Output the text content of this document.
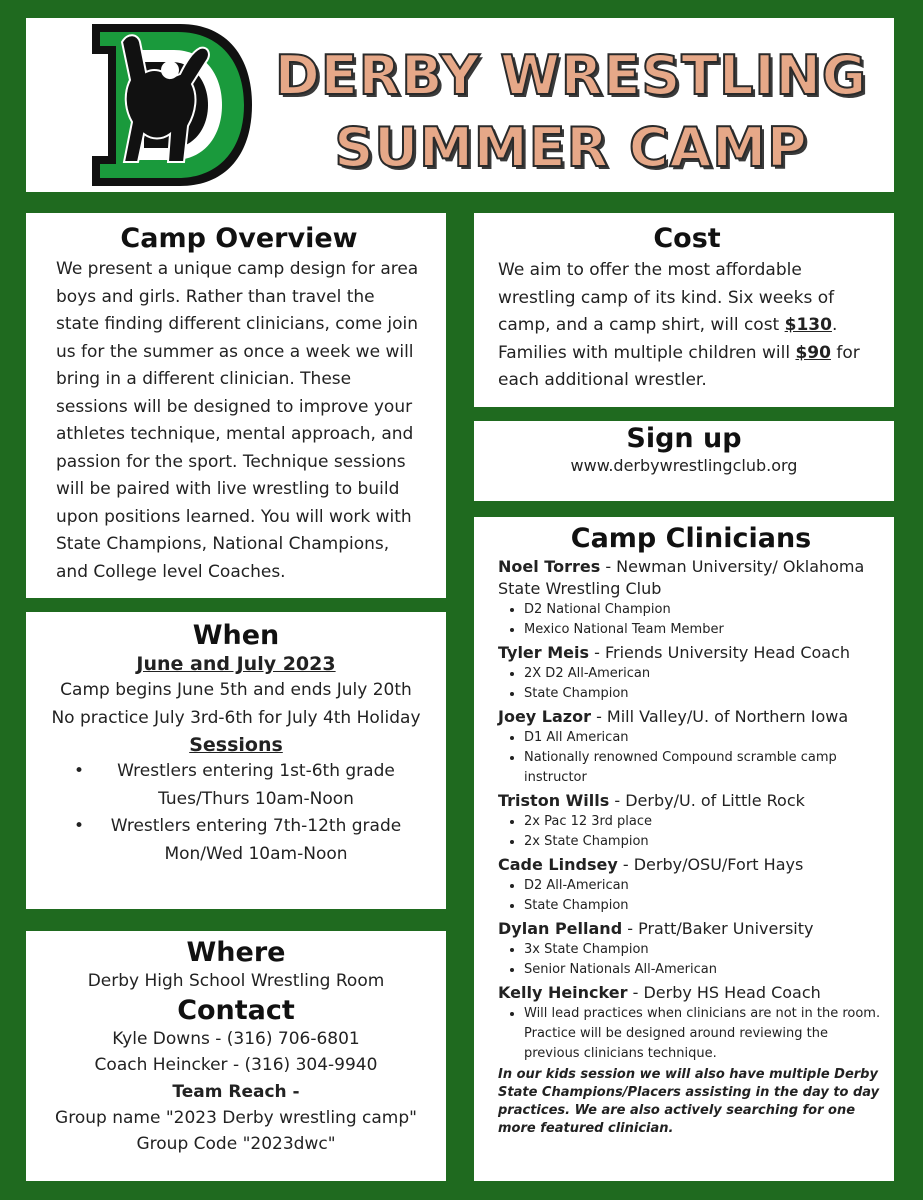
DERBY WRESTLING
SUMMER CAMP
Camp Overview
We present a unique camp design for area boys and girls. Rather than travel the state finding different clinicians, come join us for the summer as once a week we will bring in a different clinician. These sessions will be designed to improve your athletes technique, mental approach, and passion for the sport. Technique sessions will be paired with live wrestling to build upon positions learned. You will work with State Champions, National Champions, and College level Coaches.
Cost
We aim to offer the most affordable wrestling camp of its kind. Six weeks of camp, and a camp shirt, will cost $130. Families with multiple children will $90 for each additional wrestler.
Sign up
www.derbywrestlingclub.org
When
June and July 2023
Camp begins June 5th and ends July 20th
No practice July 3rd-6th for July 4th Holiday
Sessions
•	Wrestlers entering 1st-6th grade
Tues/Thurs 10am-Noon
•	Wrestlers entering 7th-12th grade
Mon/Wed 10am-Noon
Where
Derby High School Wrestling Room
Contact
Kyle Downs - (316) 706-6801
Coach Heincker - (316) 304-9940
Team Reach -
Group name "2023 Derby wrestling camp"
Group Code "2023dwc"
Camp Clinicians
Noel Torres - Newman University/ Oklahoma State Wrestling Club
• D2 National Champion
• Mexico National Team Member
Tyler Meis - Friends University Head Coach
• 2X D2 All-American
• State Champion
Joey Lazor - Mill Valley/U. of Northern Iowa
• D1 All American
• Nationally renowned Compound scramble camp instructor
Triston Wills - Derby/U. of Little Rock
• 2x Pac 12 3rd place
• 2x State Champion
Cade Lindsey - Derby/OSU/Fort Hays
• D2 All-American
• State Champion
Dylan Pelland - Pratt/Baker University
• 3x State Champion
• Senior Nationals All-American
Kelly Heincker - Derby HS Head Coach
• Will lead practices when clinicians are not in the room. Practice will be designed around reviewing the previous clinicians technique.
In our kids session we will also have multiple Derby State Champions/Placers assisting in the day to day practices. We are also actively searching for one more featured clinician.
